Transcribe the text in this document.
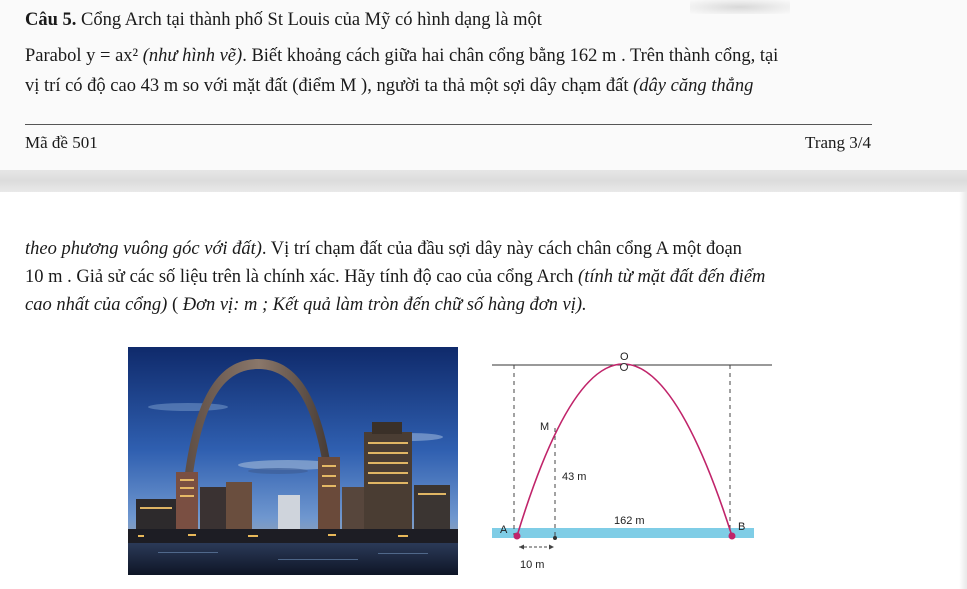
Câu 5. Cổng Arch tại thành phố St Louis của Mỹ có hình dạng là một
Parabol y = ax² (như hình vẽ). Biết khoảng cách giữa hai chân cổng bằng 162 m . Trên thành cổng, tại
vị trí có độ cao 43 m so với mặt đất (điểm M ), người ta thả một sợi dây chạm đất (dây căng thẳng
Mã đề 501	Trang 3/4
theo phương vuông góc với đất). Vị trí chạm đất của đầu sợi dây này cách chân cổng A một đoạn
10 m . Giả sử các số liệu trên là chính xác. Hãy tính độ cao của cổng Arch (tính từ mặt đất đến điểm
cao nhất của cổng) ( Đơn vị: m ; Kết quả làm tròn đến chữ số hàng đơn vị).
O
M
43 m
162 m
A	B
10 m
